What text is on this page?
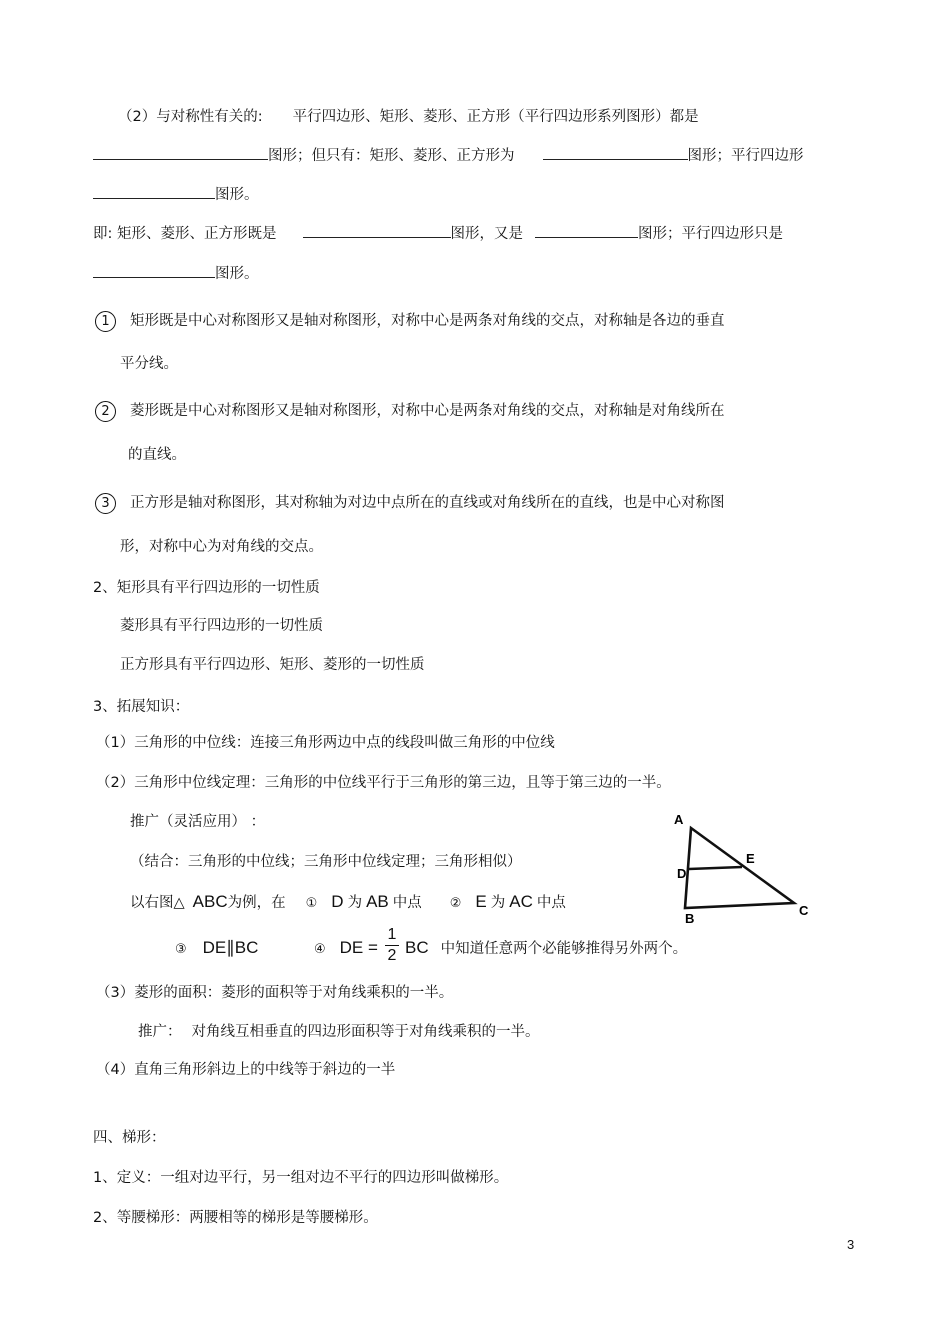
（2）与对称性有关的: 平行四边形、矩形、菱形、正方形（平行四边形系列图形）都是
图形；但只有：矩形、菱形、正方形为	图形；平行四边形
图形。
即: 矩形、菱形、正方形既是	图形，又是	图形；平行四边形只是
图形。
1	矩形既是中心对称图形又是轴对称图形，对称中心是两条对角线的交点，对称轴是各边的垂直
平分线。
2	菱形既是中心对称图形又是轴对称图形，对称中心是两条对角线的交点，对称轴是对角线所在
的直线。
3	正方形是轴对称图形，其对称轴为对边中点所在的直线或对角线所在的直线，也是中心对称图
形，对称中心为对角线的交点。
2、矩形具有平行四边形的一切性质
菱形具有平行四边形的一切性质
正方形具有平行四边形、矩形、菱形的一切性质
3、拓展知识：
（1）三角形的中位线：连接三角形两边中点的线段叫做三角形的中位线
（2）三角形中位线定理：三角形的中位线平行于三角形的第三边，且等于第三边的一半。
推广（灵活应用） ：
（结合：三角形的中位线；三角形中位线定理；三角形相似）
以右图△ ABC为例，在 ① D 为 AB 中点 ② E 为 AC 中点
③ DE∥BC	④ DE =
1
2 BC 中知道任意两个必能够推得另外两个。
A
D
E
B
C
（3）菱形的面积：菱形的面积等于对角线乘积的一半。
推广： 对角线互相垂直的四边形面积等于对角线乘积的一半。
（4）直角三角形斜边上的中线等于斜边的一半
四、梯形：
1、定义：一组对边平行，另一组对边不平行的四边形叫做梯形。
2、等腰梯形：两腰相等的梯形是等腰梯形。
3
